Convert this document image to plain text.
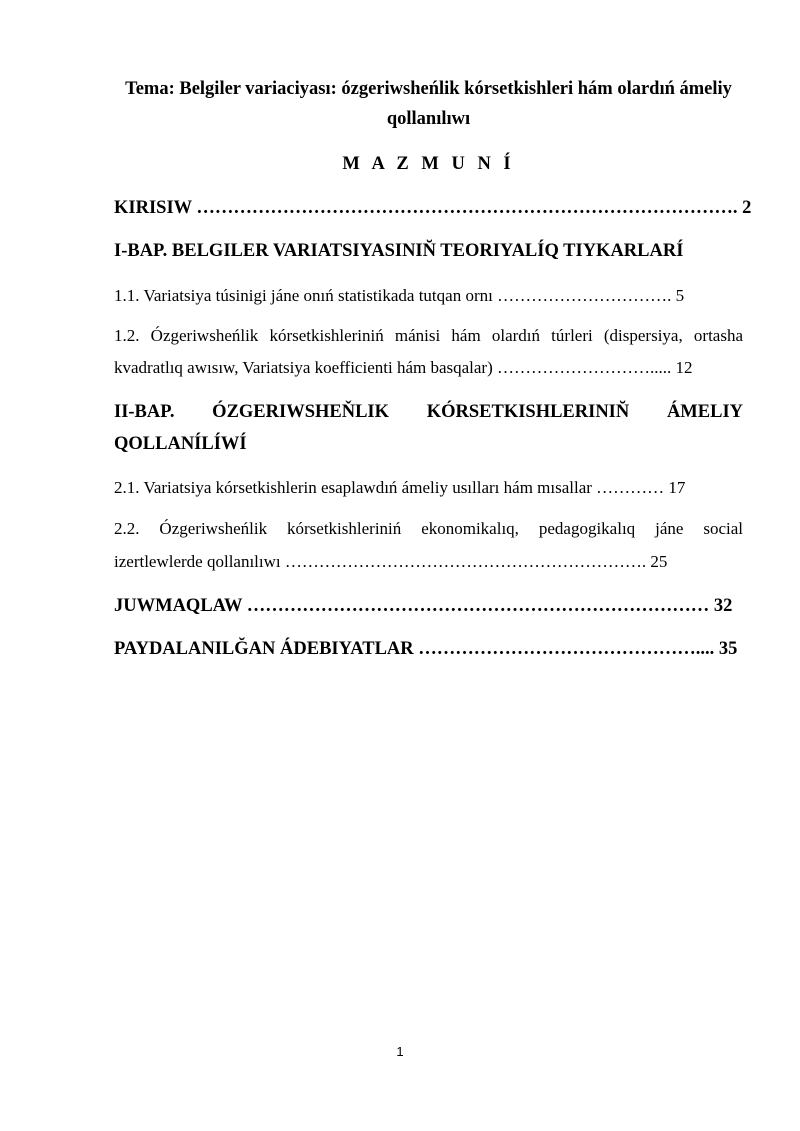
Tema: Belgiler variaciyası: ózgeriwsheńlik kórsetkishleri hám olardıń ámeliy
qollanılıwı
M A Z M U N Í
KIRISIW ……………………………………………………………………………. 2
I-BAP. BELGILER VARIATSIYASININ̆ TEORIYALÍQ TIYKARLARÍ
1.1. Variatsiya túsinigi jáne onıń statistikada tutqan ornı …………………………. 5
1.2. Ózgeriwsheńlik kórsetkishleriniń mánisi hám olardıń túrleri (dispersiya, ortasha
kvadratlıq awısıw, Variatsiya koefficienti hám basqalar) ………………………..... 12
II-BAP. ÓZGERIWSHEŇLIK KÓRSETKISHLERININ̆ ÁMELIY
QOLLANÍLÍWÍ
2.1. Variatsiya kórsetkishlerin esaplawdıń ámeliy usılları hám mısallar ………… 17
2.2. Ózgeriwsheńlik kórsetkishleriniń ekonomikalıq, pedagogikalıq jáne social
izertlewlerde qollanılıwı ………………………………………………………. 25
JUWMAQLAW ………………………………………………………………… 32
PAYDALANILĞAN ÁDEBIYATLAR ……………………………………….... 35
1
